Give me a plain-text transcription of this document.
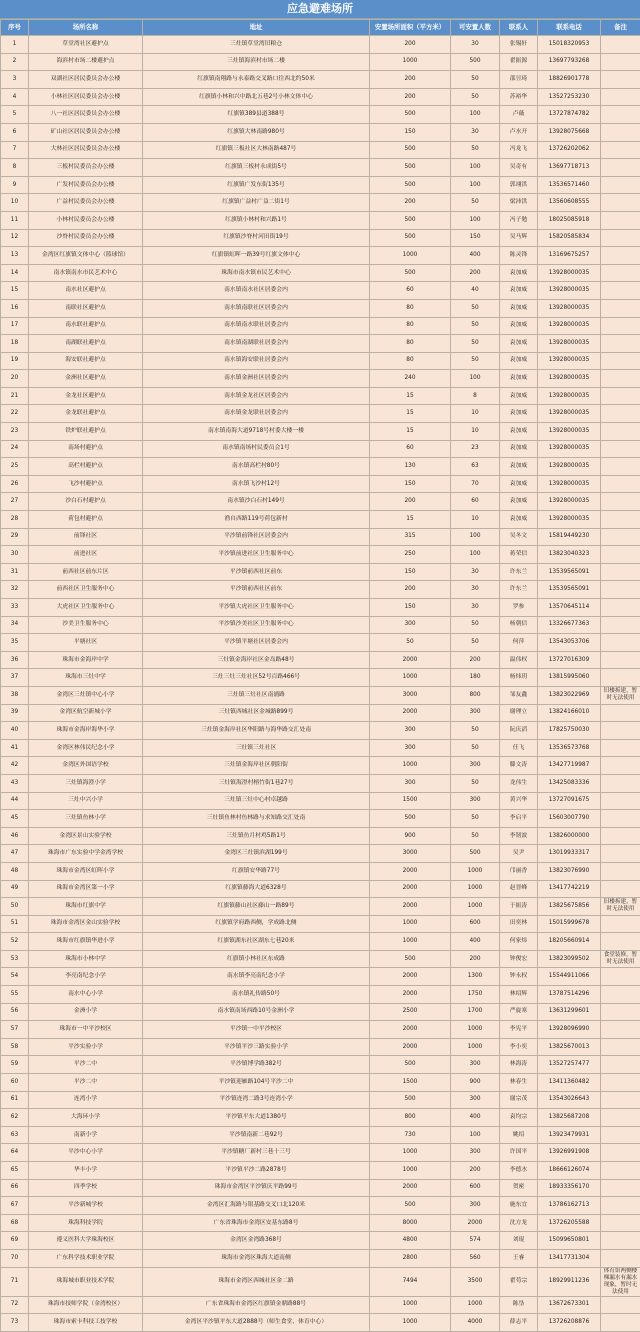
应急避难场所
序号	场所名称	地址	安置场所面积（平方米）	可安置人数	联系人	联系电话	备注
1	草堂湾社区避护点	三灶镇草堂湾旧粮仓	200	30	张锡轩	15018320953	
2	海滨村市场二楼避护点	三灶镇海滨村市场二楼	1000	500	翟振源	13697793268	
3	双湖社区居民委员会办公楼	红旗镇南翔路与永泰路交叉路口往西北约50米	200	50	邵昱琦	18826901778	
4	小林社区居民委员会办公楼	红旗镇小林和兴中路北五巷2号小林文体中心	200	50	苏裕华	13527253230	
5	八一社区居民委员会办公楼	红旗镇389县道388号	500	100	卢薇	13727874782	
6	矿山社区居民委员会办公楼	红旗镇大林南路980号	150	30	卢水开	13928075668	
7	大林社区居民委员会办公楼	红旗镇三板社区大林南路487号	500	50	冯龙飞	13726202062	
8	三板村民委员会办公楼	红旗镇三板村永成街5号	500	100	吴奇有	13697718713	
9	广发村民委员会办公楼	红旗镇广发东街135号	500	100	郭翊洪	13536571460	
10	广益村民委员会办公楼	红旗镇广益村广益二街1号	200	50	梁沛洪	13560608555	
11	小林村民委员会办公楼	红旗镇小林村和兴路1号	500	100	冯子勉	18025085918	
12	沙脊村民委员会办公楼	红旗镇沙脊村河田街19号	500	150	吴马辉	15820585834	
13	金湾区红旗镇文体中心（篮球馆）	红旗镇虹晖一路39号红旗文体中心	1000	400	陈灵锋	13169675257	
14	南水镇南水市民艺术中心	珠海市南水镇市民艺术中心	500	200	袁加威	13928000035	
15	南水社区避护点	南水镇南水社区居委会内	60	40	袁加威	13928000035	
16	南联社区避护点	南水镇南联社区居委会内	80	50	袁加威	13928000035	
17	南水联社避护点	南水镇南水联社居委会内	80	50	袁加威	13928000035	
18	南湖联社避护点	南水镇南湖联社居委会内	80	50	袁加威	13928000035	
19	海安联社避护点	南水镇海安联社居委会内	80	50	袁加威	13928000035	
20	金洲社区避护点	南水镇金洲社区居委会内	240	100	袁加威	13928000035	
21	金龙社区避护点	南水镇金龙社区居委会内	15	8	袁加威	13928000035	
22	金龙联社避护点	南水镇金龙联社居委会内	15	10	袁加威	13928000035	
23	铁炉联社避护点	南水镇南海大道9718号村委大楼一楼	15	10	袁加威	13928000035	
24	南场村避护点	南水镇南场村民委员会1号	60	23	袁加威	13928000035	
25	高栏村避护点	南水镇高栏村80号	130	63	袁加威	13928000035	
26	飞沙村避护点	南水镇飞沙村12号	150	70	袁加威	13928000035	
27	沙白石村避护点	南水镇沙白石村149号	200	60	袁加威	13928000035	
28	荷包村避护点	渔自西路119号荷包新村	15	10	袁加威	13928000035	
29	前锋社区	平沙镇前锋社区居委会内	315	100	吴冬文	15819449230	
30	前进社区	平沙镇前进社区卫生服务中心	250	100	蒋荣信	13823040323	
31	前西社区前东片区	平沙镇前西社区前东	150	30	许东兰	13539565091	
32	前西社区卫生服务中心	平沙镇前西社区前东	200	30	许东兰	13539565091	
33	大虎社区卫生服务中心	平沙镇大虎社区卫生服务中心	150	30	罗参	13570645114	
34	沙美卫生服务中心	平沙镇沙美社区卫生服务中心	300	50	杨朝信	13326677363	
35	平塘社区	平沙镇平塘社区居委会内	50	50	何萍	13543053706	
36	珠海市金海岸中学	三灶镇金海岸社区金岛路48号	2000	200	温伟权	13727016309	
37	珠海市三灶中学	三灶三灶三灶社区52号百路466号	1000	180	杨炜玥	13815995060	
38	金湾区三灶镇中心小学	三灶镇三灶社区南浦路	3000	800	邹友鑫	13823022969	旧楼拆建，暂时无法使用
39	金湾区航空新城小学	三灶镇西城社区金城路899号	2000	300	谢理立	13824166010	
40	珠海市金海岸海华小学	三灶镇金海岸社区华阳路与海华路交汇处南	300	50	阮庆滔	17825750030	
41	金湾区林伟民纪念小学	三灶镇三灶社区	300	50	任飞	13536573768	
42	金湾区外国语学校	三灶镇金海岸社区朝阳街	1000	300	滕文涛	13427719987	
43	三灶镇海澄小学	三灶镇海澄村榕竹街1巷27号	300	50	龙伟生	13425083336	
44	三灶中兴小学	三灶镇三灶中心村卓越路	1500	300	黄兴华	13727091675	
45	三灶镇鱼林小学	三灶镇鱼林村鱼林路与求知路交汇处南	500	50	李启平	15603007790	
46	金湾区景山实验学校	三灶镇鱼月村鸡5路1号	900	50	李韧波	13826000000	
47	珠海市广东实验中学金湾学校	金湾区三灶镇滨湖199号	3000	500	吴尹	13019933317	
48	珠海市金湾区虹晖小学	红旗镇安华路77号	2000	1000	邝丽香	13823076990	
49	珠海市金湾区第一小学	红旗镇藤海大道6328号	2000	1000	赵晋峰	13417742219	
50	珠海市红旗中学	红旗镇藤山社区藤山一路89号	2000	1000	于振涛	13825675856	旧楼拆建，暂时无法使用
51	珠海市金湾区金山实验学校	红旗镇学府路西侧，学成路北侧	1000	600	田奕林	15015999678	
52	珠海市红旗镇华进小学	红旗镇湖东社区湖东七巷20米	1000	400	何家炜	18205660914	
53	珠海市小林中学	红旗镇小林社区东成路	500	200	钟俊宏	13823099502	食堂装修，暂时无法使用
54	李亮南纪念小学	南水镇李亮南纪念小学	2000	1300	钟永权	15544911066	
55	南水中心小学	南水镇礼传路50号	2000	1750	林绍辉	13787514296	
56	金洲小学	南水镇南场西路10号金洲小学	2500	1700	严旋寒	13631299601	
57	珠海市一中平沙校区	平沙镇一中平沙校区	2000	1000	李宪平	13928096990	
58	平沙实验小学	平沙镇平沙三路实验小学	2000	1000	李小奕	13825670013	
59	平沙二中	平沙镇博学路382号	500	300	林海涛	13527257477	
60	平沙二中	平沙镇迎雁路104号平沙二中	1500	900	林春生	13411360482	
61	连湾小学	平沙镇连湾二路3号连湾小学	500	300	谢宗茂	13543026643	
62	大海环小学	平沙镇平东大道1380号	800	400	袁均宗	13825687208	
63	南新小学	平沙镇南新二巷92号	730	100	姚绍	13923479931	
64	平沙中心小学	平沙镇糖厂新村三巷十三号	1000	300	许国平	13926991908	
65	华丰小学	平沙镇平沙二路2878号	1000	200	李德水	18666126074	
66	四季学校	珠海市金湾区平沙镇庆平路99号	2000	600	贺密	18933356170	
67	平沙新城学校	金湾区汇海路与银基路交叉口北120米	500	300	施东宜	13786162713	
68	珠海科技学院	广东省珠海市金湾区安基东路8号	8000	2000	沈方龙	13726205588	
69	遵义医科大学珠海校区	金湾区金湾路368号	4800	574	刘琨	15099650801	
70	广东科学技术职业学院	珠海市金湾区珠海大道南侧	2800	560	王睿	13417731304	
71	珠海城市职业技术学院	珠海市金湾区西城社区金二路	7494	3500	翟苟宗	18929911236	体育馆两侧楼梯漏水有漏水现象，暂时无法使用
72	珠海市技师学院（金湾校区）	广东省珠海市金湾区红旗镇金鼎路88号	1000	1000	陈垦	13672673301	
73	珠海市索卡科技工技学校	金湾区平沙镇平东大道2888号（师生食堂、体育中心）	1000	4000	薛志平	13726208876	
